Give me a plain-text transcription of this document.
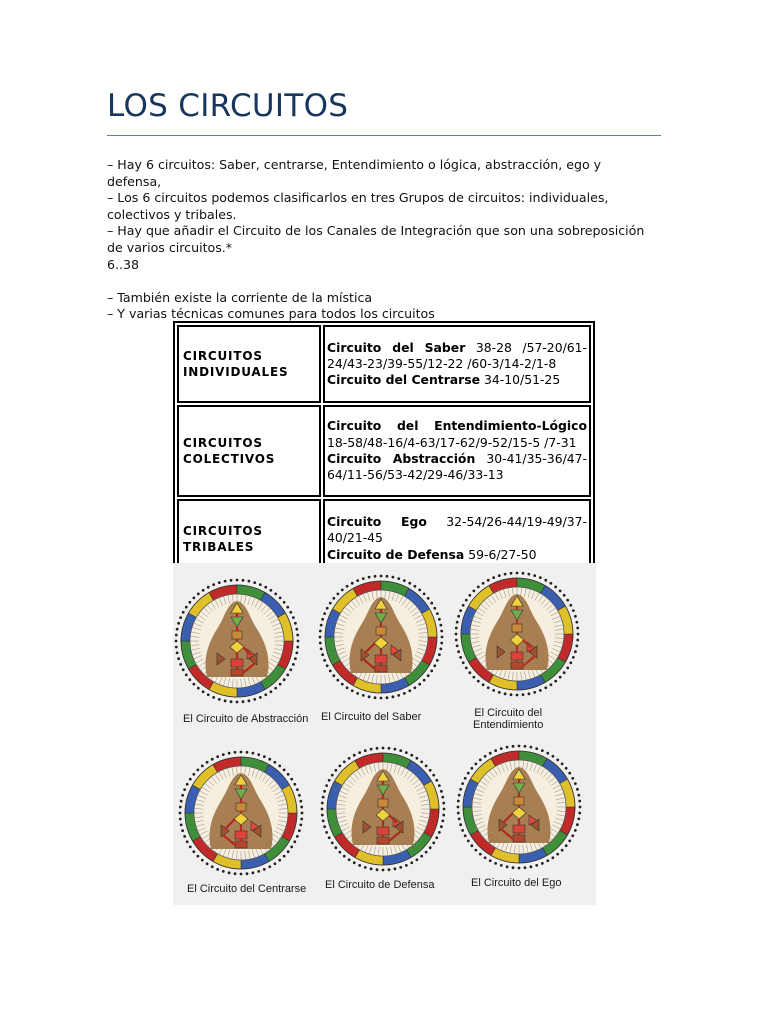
LOS CIRCUITOS

– Hay 6 circuitos: Saber, centrarse, Entendimiento o lógica, abstracción, ego y defensa,

– Los 6 circuitos podemos clasificarlos en tres Grupos de circuitos: individuales, colectivos y tribales.

– Hay que añadir el Circuito de los Canales de Integración que son una sobreposición de varios circuitos.*

6..38

– También existe la corriente de la mística

– Y varias técnicas comunes para todos los circuitos

CIRCUITOS INDIVIDUALES	Circuito del Saber 38-28 /57-20/61-24/43-23/39-55/12-22 /60-3/14-2/1-8
Circuito del Centrarse 34-10/51-25
CIRCUITOS COLECTIVOS	Circuito del Entendimiento-Lógico 18-58/48-16/4-63/17-62/9-52/15-5 /7-31
Circuito Abstracción 30-41/35-36/47-64/11-56/53-42/29-46/33-13
CIRCUITOS TRIBALES	Circuito Ego 32-54/26-44/19-49/37-40/21-45
Circuito de Defensa 59-6/27-50
El Circuito de Abstracción El Circuito del Saber	El Circuito del
Entendimiento
El Circuito del Centrarse El Circuito de Defensa	El Circuito del Ego
